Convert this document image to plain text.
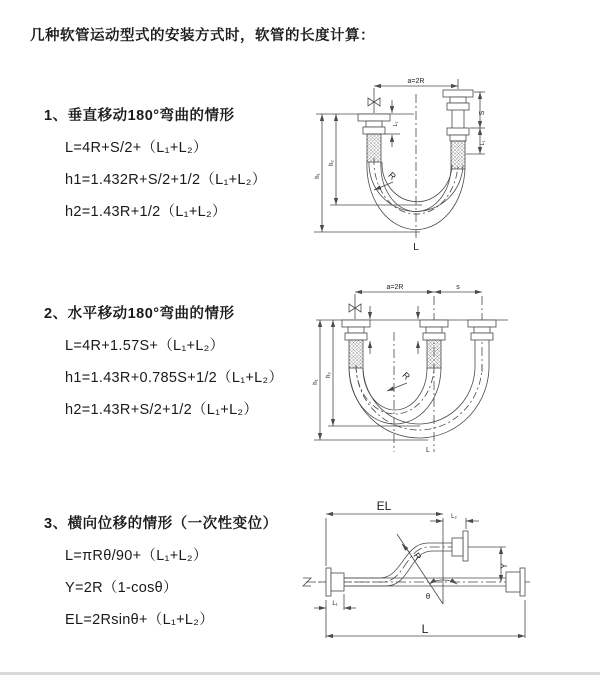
几种软管运动型式的安装方式时，软管的长度计算：
1、垂直移动180°弯曲的情形
L=4R+S/2+（L₁+L₂）
h1=1.432R+S/2+1/2（L₁+L₂）
h2=1.43R+1/2（L₁+L₂）
2、水平移动180°弯曲的情形
L=4R+1.57S+（L₁+L₂）
h1=1.43R+0.785S+1/2（L₁+L₂）
h2=1.43R+S/2+1/2（L₁+L₂）
3、横向位移的情形（一次性变位）
L=πRθ/90+（L₁+L₂）
Y=2R（1-cosθ）
EL=2Rsinθ+（L₁+L₂）
a=2R
S
L₁
L₁
h₁
h₂
R
L
a=2R	s
h₁
h₂	R
L
EL
L₂
Y
R
θ
L
L₁
